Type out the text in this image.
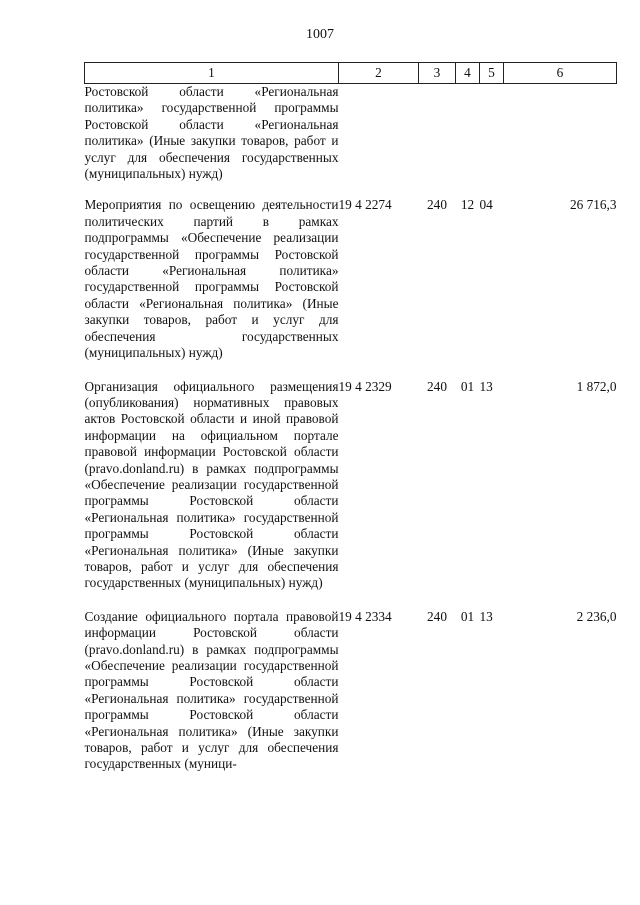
1007
1	2	3	4	5	6
Ростовской области «Региональная политика» государственной программы Ростовской области «Региональная политика» (Иные закупки товаров, работ и услуг для обеспечения государственных (муниципальных) нужд)					
Мероприятия по освещению деятельности политических партий в рамках подпрограммы «Обеспечение реализации государственной программы Ростовской области «Региональная политика» государственной программы Ростовской области «Региональная политика» (Иные закупки товаров, работ и услуг для обеспечения государственных (муниципальных) нужд)	19 4 2274	240	12	04	26 716,3
Организация официального размещения (опубликования) нормативных правовых актов Ростовской области и иной правовой информации на официальном портале правовой информации Ростовской области (pravo.donland.ru) в рамках подпрограммы «Обеспечение реализации государственной программы Ростовской области «Региональная политика» государственной программы Ростовской области «Региональная политика» (Иные закупки товаров, работ и услуг для обеспечения государственных (муниципальных) нужд)	19 4 2329	240	01	13	1 872,0
Создание официального портала правовой информации Ростовской области (pravo.donland.ru) в рамках подпрограммы «Обеспечение реализации государственной программы Ростовской области «Региональная политика» государственной программы Ростовской области «Региональная политика» (Иные закупки товаров, работ и услуг для обеспечения государственных (муници-	19 4 2334	240	01	13	2 236,0
